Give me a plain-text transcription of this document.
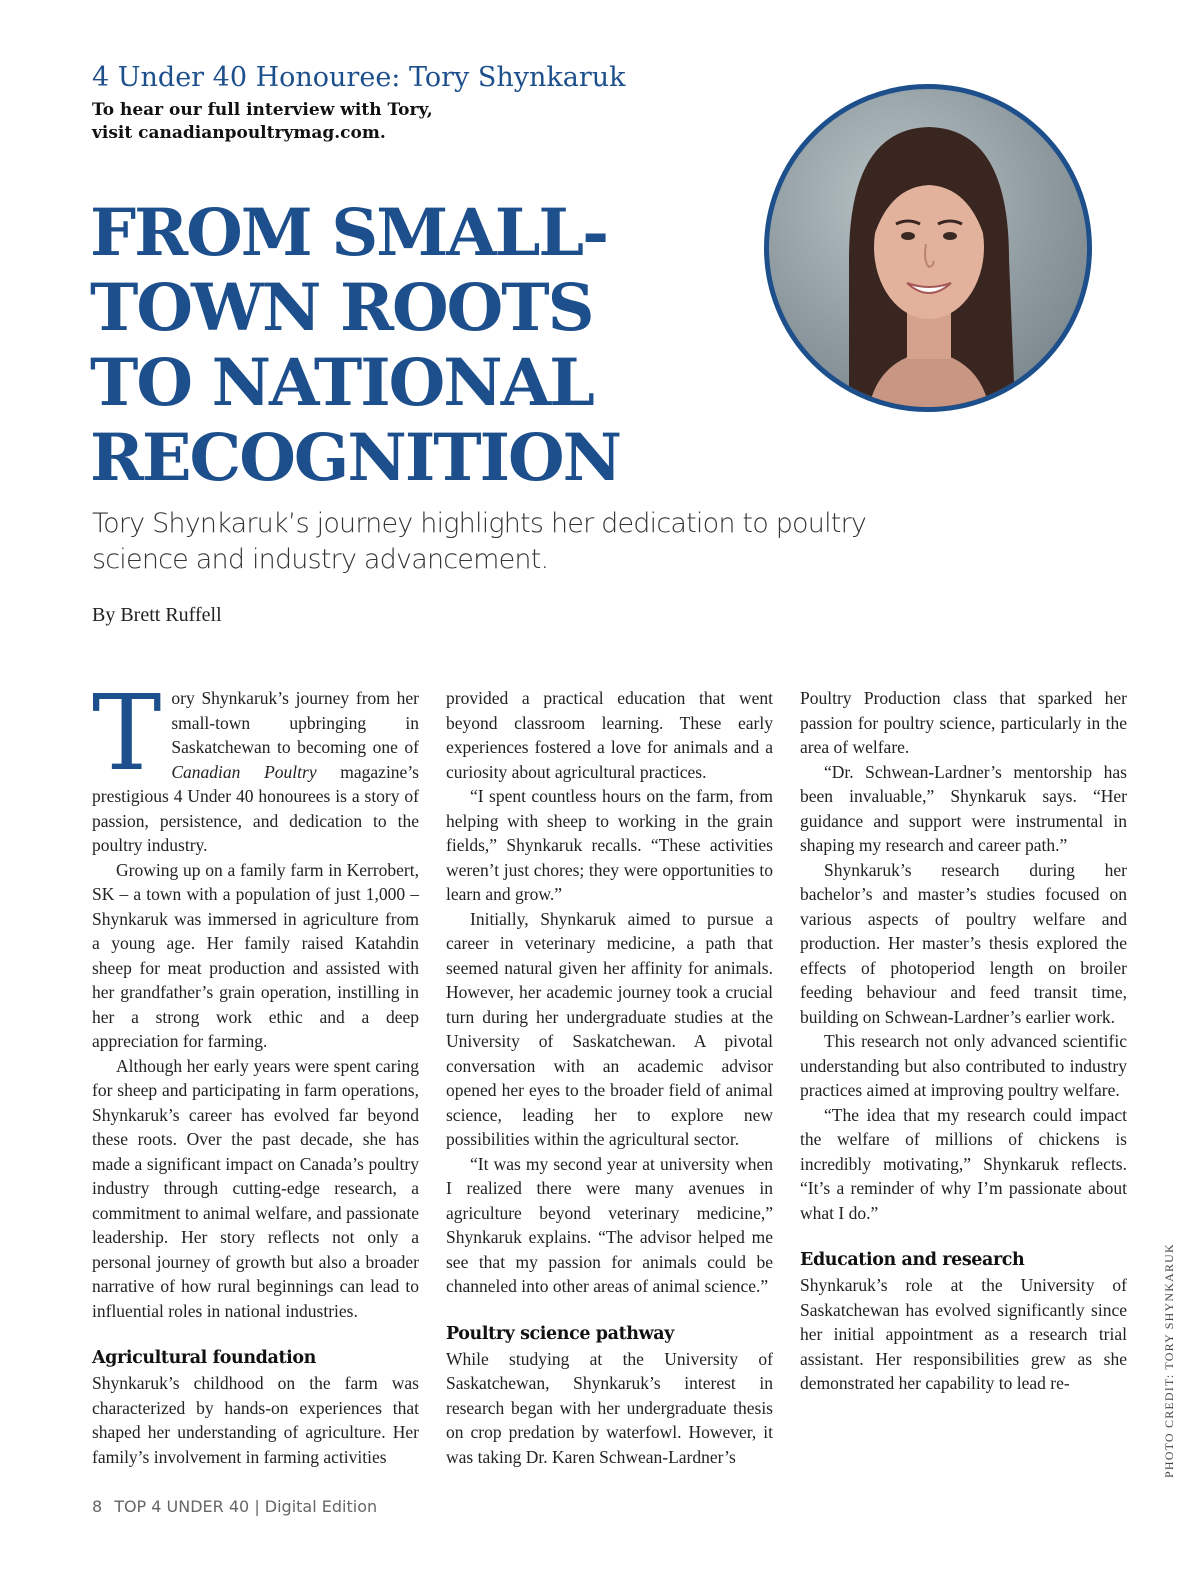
4 Under 40 Honouree: Tory Shynkaruk
To hear our full interview with Tory,
visit canadianpoultrymag.com.
FROM SMALL-
TOWN ROOTS
TO NATIONAL
RECOGNITION
Tory Shynkaruk’s journey highlights her dedication to poultry science and industry advancement.
By Brett Ruffell

Tory Shynkaruk’s journey from her small-town upbringing in Saskatchewan to becoming one of Canadian Poultry magazine’s prestigious 4 Under 40 honourees is a story of passion, persistence, and dedication to the poultry industry.

Growing up on a family farm in Kerrobert, SK – a town with a population of just 1,000 – Shynkaruk was immersed in agriculture from a young age. Her family raised Katahdin sheep for meat production and assisted with her grandfather’s grain operation, instilling in her a strong work ethic and a deep appreciation for farming.

Although her early years were spent caring for sheep and participating in farm operations, Shynkaruk’s career has evolved far beyond these roots. Over the past decade, she has made a significant impact on Canada’s poultry industry through cutting-edge research, a commitment to animal welfare, and passionate leadership. Her story reflects not only a personal journey of growth but also a broader narrative of how rural beginnings can lead to influential roles in national industries.

Agricultural foundation

Shynkaruk’s childhood on the farm was characterized by hands-on experiences that shaped her understanding of agriculture. Her family’s involvement in farming activities

provided a practical education that went beyond classroom learning. These early experiences fostered a love for animals and a curiosity about agricultural practices.

“I spent countless hours on the farm, from helping with sheep to working in the grain fields,” Shynkaruk recalls. “These activities weren’t just chores; they were opportunities to learn and grow.”

Initially, Shynkaruk aimed to pursue a career in veterinary medicine, a path that seemed natural given her affinity for animals. However, her academic journey took a crucial turn during her undergraduate studies at the University of Saskatchewan. A pivotal conversation with an academic advisor opened her eyes to the broader field of animal science, leading her to explore new possibilities within the agricultural sector.

“It was my second year at university when I realized there were many avenues in agriculture beyond veterinary medicine,” Shynkaruk explains. “The advisor helped me see that my passion for animals could be channeled into other areas of animal science.”

Poultry science pathway

While studying at the University of Saskatchewan, Shynkaruk’s interest in research began with her undergraduate thesis on crop predation by waterfowl. However, it was taking Dr. Karen Schwean-Lardner’s

Poultry Production class that sparked her passion for poultry science, particularly in the area of welfare.

“Dr. Schwean-Lardner’s mentorship has been invaluable,” Shynkaruk says. “Her guidance and support were instrumental in shaping my research and career path.”

Shynkaruk’s research during her bachelor’s and master’s studies focused on various aspects of poultry welfare and production. Her master’s thesis explored the effects of photoperiod length on broiler feeding behaviour and feed transit time, building on Schwean-Lardner’s earlier work.

This research not only advanced scientific understanding but also contributed to industry practices aimed at improving poultry welfare.

“The idea that my research could impact the welfare of millions of chickens is incredibly motivating,” Shynkaruk reflects. “It’s a reminder of why I’m passionate about what I do.”

Education and research

Shynkaruk’s role at the University of Saskatchewan has evolved significantly since her initial appointment as a research trial assistant. Her responsibilities grew as she demonstrated her capability to lead re-	PHOTO CREDIT: TORY SHYNKARUK
8 TOP 4 UNDER 40 | Digital Edition
